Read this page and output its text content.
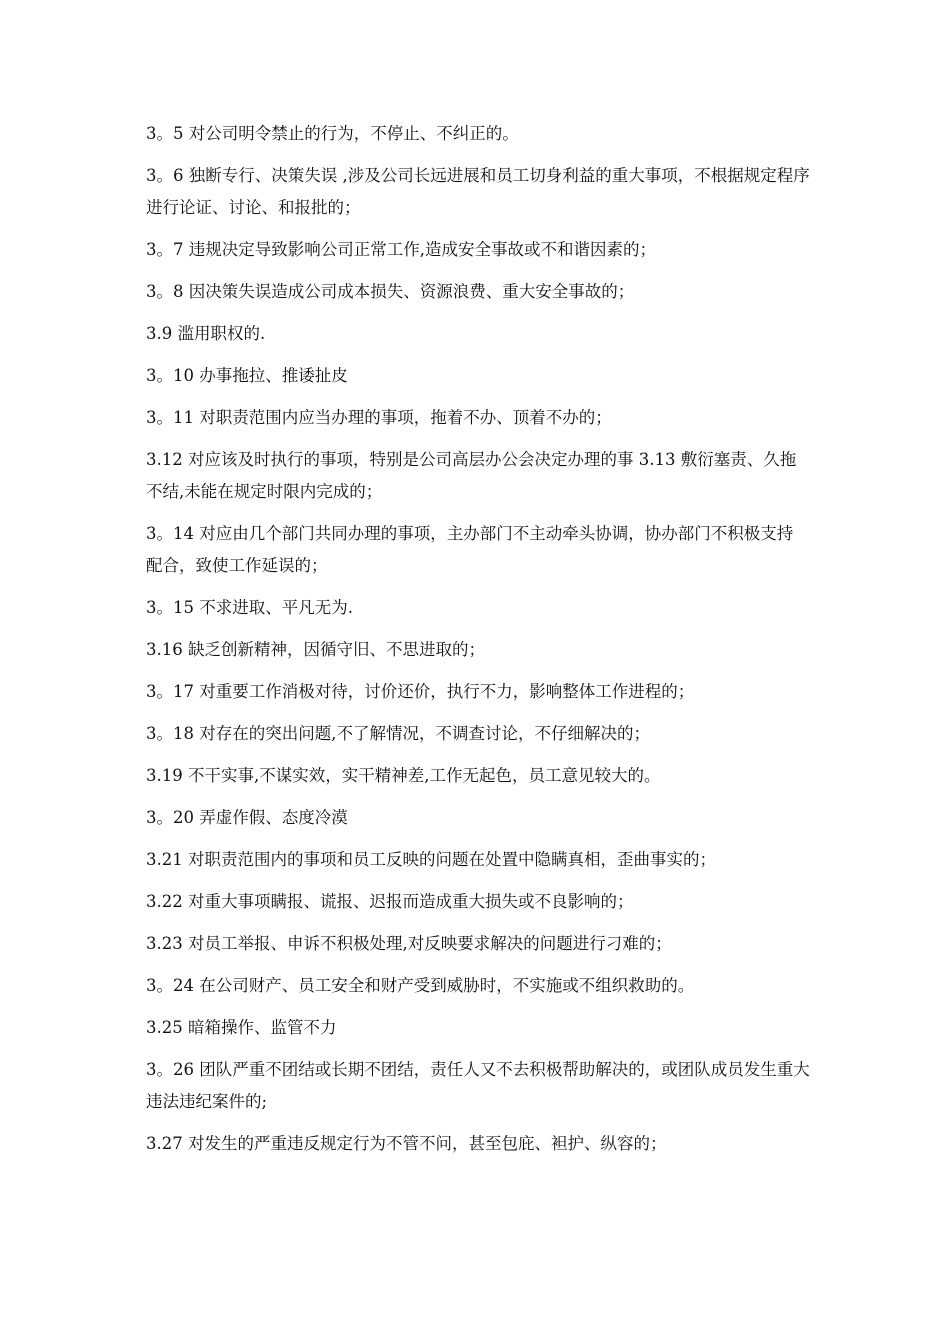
3。5 对公司明令禁止的行为，不停止、不纠正的。

3。6 独断专行、决策失误 ,涉及公司长远进展和员工切身利益的重大事项，不根据规定程序进行论证、讨论、和报批的；

3。7 违规决定导致影响公司正常工作,造成安全事故或不和谐因素的；

3。8 因决策失误造成公司成本损失、资源浪费、重大安全事故的；

3.9 滥用职权的.

3。10 办事拖拉、推诿扯皮

3。11 对职责范围内应当办理的事项，拖着不办、顶着不办的；

3.12 对应该及时执行的事项，特别是公司高层办公会决定办理的事 3.13 敷衍塞责、久拖不结,未能在规定时限内完成的；

3。14 对应由几个部门共同办理的事项，主办部门不主动牵头协调，协办部门不积极支持  配合，致使工作延误的；

3。15 不求进取、平凡无为.

3.16 缺乏创新精神，因循守旧、不思进取的；

3。17 对重要工作消极对待，讨价还价，执行不力，影响整体工作进程的；

3。18 对存在的突出问题,不了解情况，不调查讨论，不仔细解决的；

3.19 不干实事,不谋实效，实干精神差,工作无起色，员工意见较大的。

3。20 弄虚作假、态度冷漠

3.21 对职责范围内的事项和员工反映的问题在处置中隐瞒真相，歪曲事实的；

3.22 对重大事项瞒报、谎报、迟报而造成重大损失或不良影响的；

3.23 对员工举报、申诉不积极处理,对反映要求解决的问题进行刁难的；

3。24 在公司财产、员工安全和财产受到威胁时，不实施或不组织救助的。

3.25 暗箱操作、监管不力

3。26 团队严重不团结或长期不团结，责任人又不去积极帮助解决的，或团队成员发生重大违法违纪案件的;

3.27 对发生的严重违反规定行为不管不问，甚至包庇、袒护、纵容的；
